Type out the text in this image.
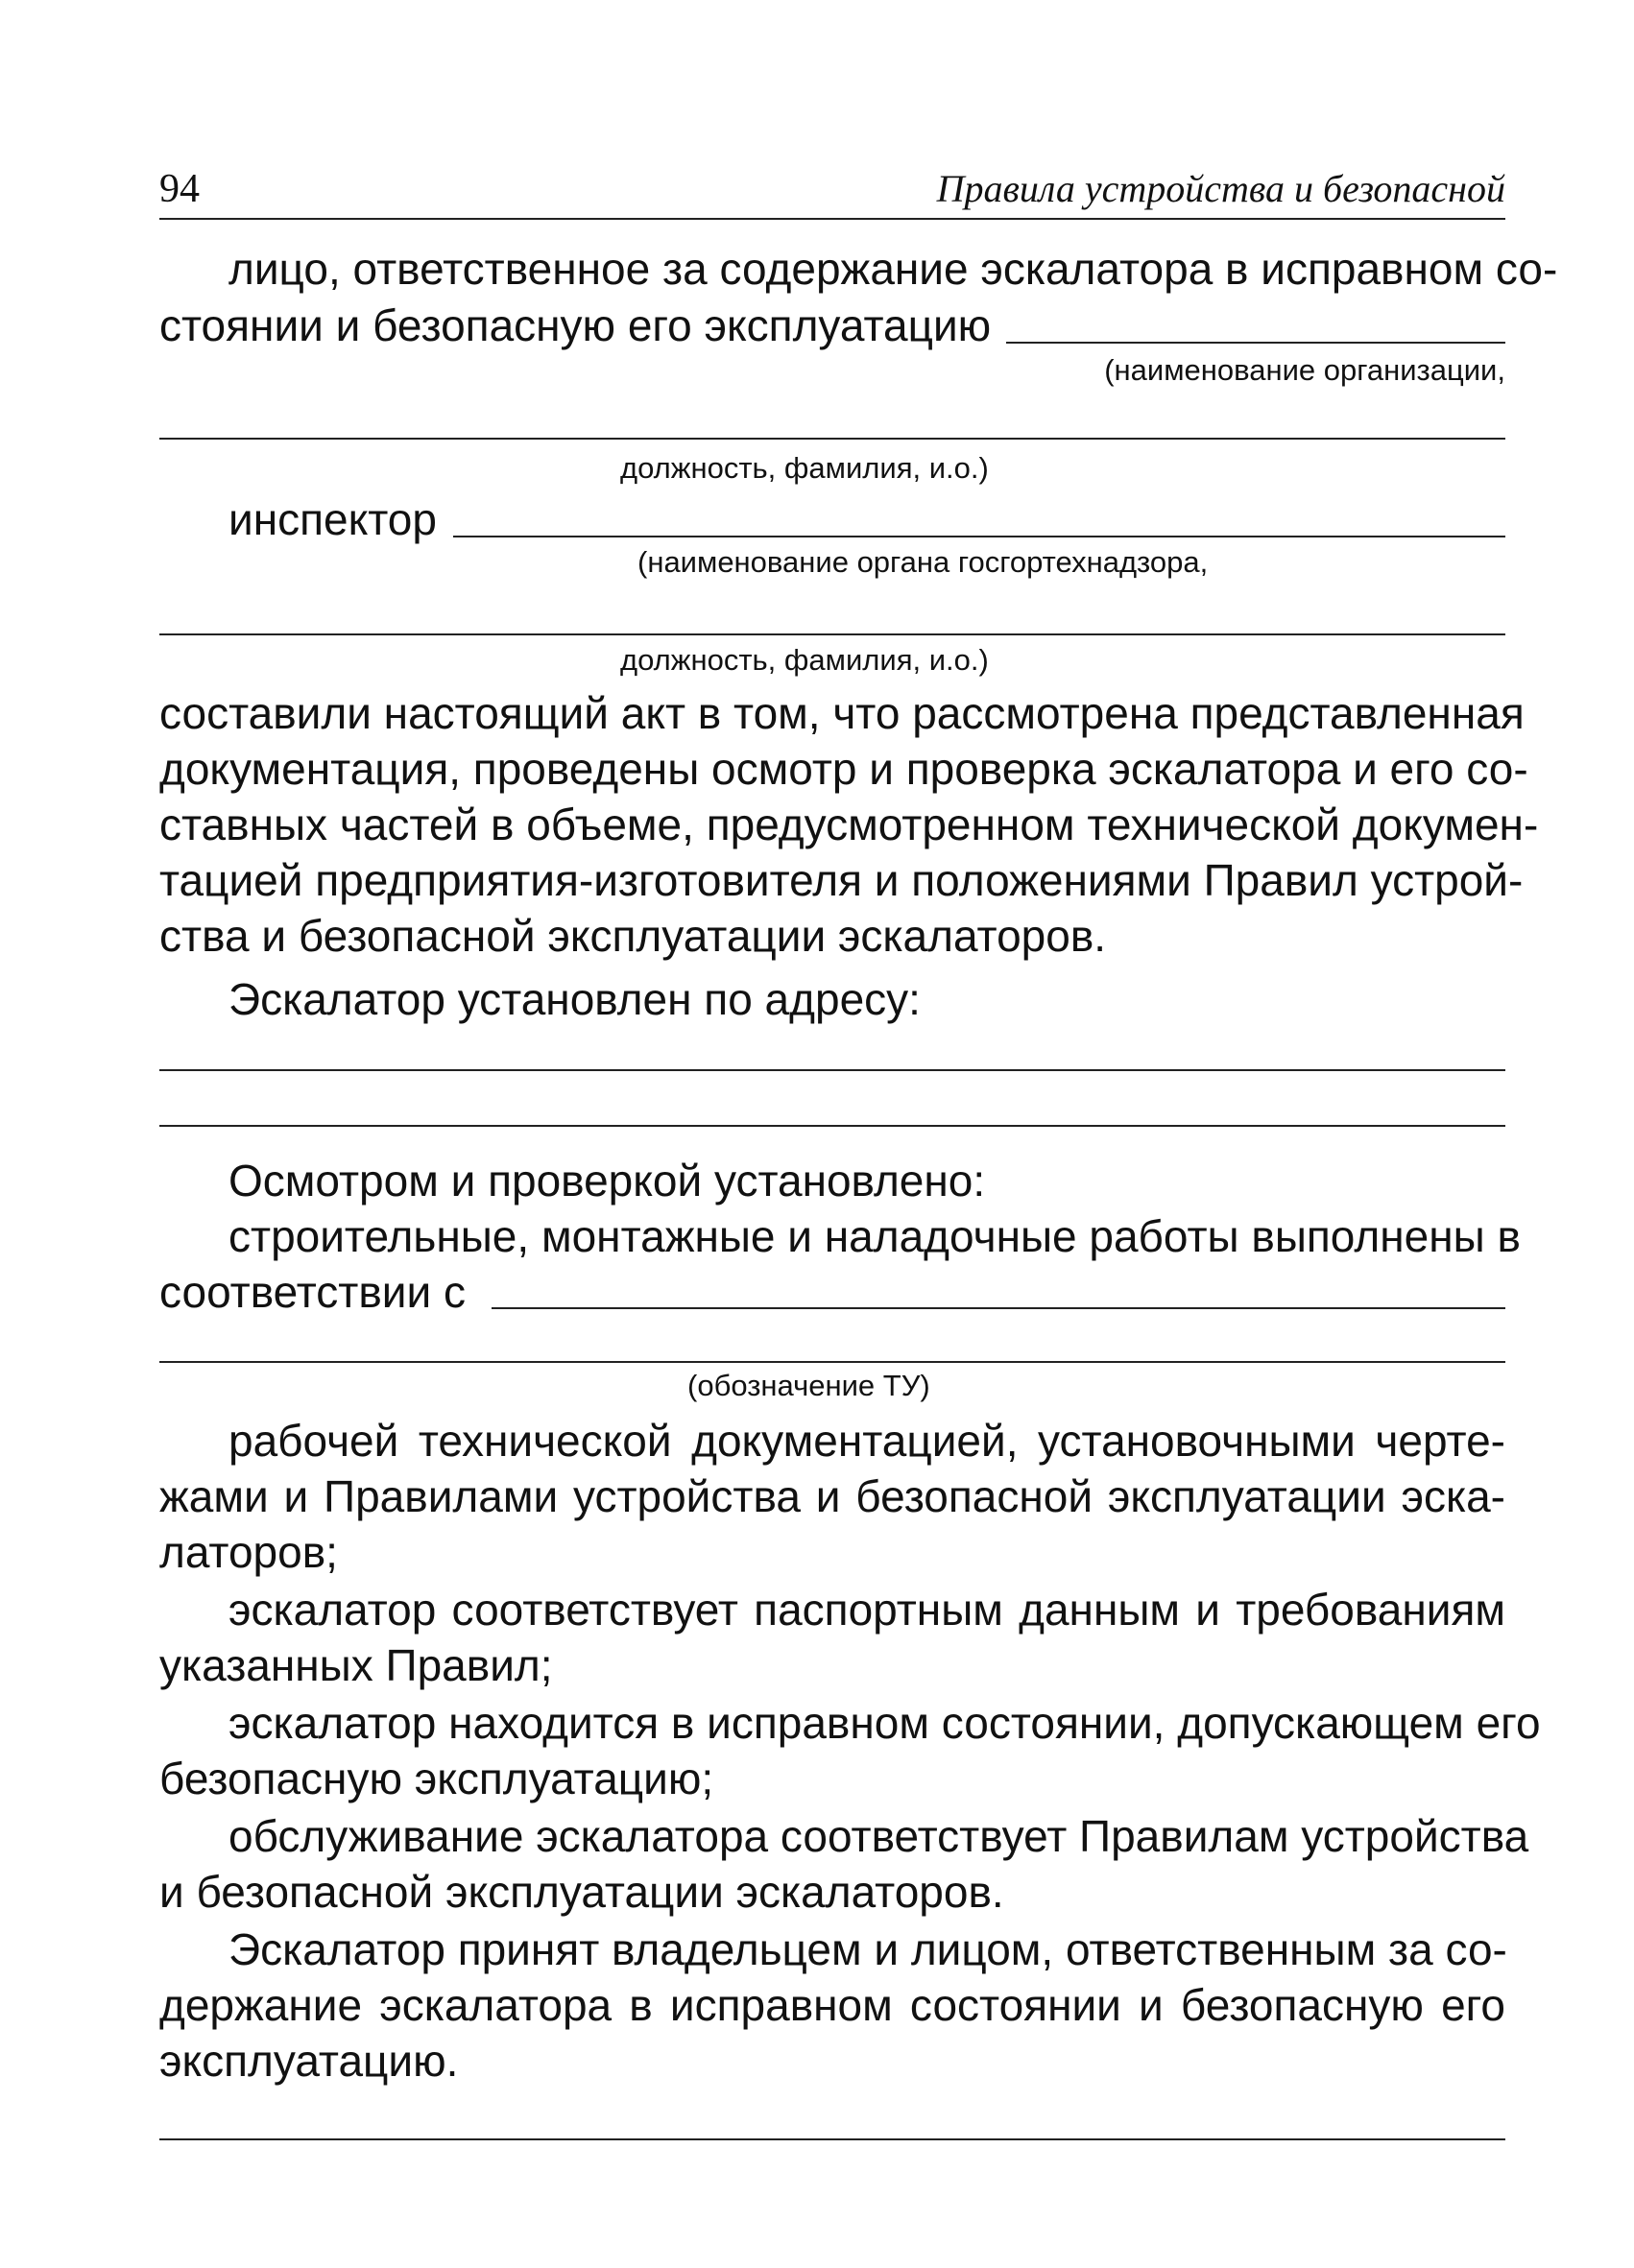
94	Правила устройства и безопасной
лицо, ответственное за содержание эскалатора в исправном со-
стоянии и безопасную его эксплуатацию
(наименование организации,
должность, фамилия, и.о.)
инспектор
(наименование органа госгортехнадзора,
должность, фамилия, и.о.)
составили настоящий акт в том, что рассмотрена представленная
документация, проведены осмотр и проверка эскалатора и его со-
ставных частей в объеме, предусмотренном технической докумен-
тацией предприятия-изготовителя и положениями Правил устрой-
ства и безопасной эксплуатации эскалаторов.
Эскалатор установлен по адресу:
Осмотром и проверкой установлено:
строительные, монтажные и наладочные работы выполнены в
соответствии с
(обозначение ТУ)
рабочей технической документацией, установочными черте-
жами и Правилами устройства и безопасной эксплуатации эска-
латоров;
эскалатор соответствует паспортным данным и требованиям
указанных Правил;
эскалатор находится в исправном состоянии, допускающем его
безопасную эксплуатацию;
обслуживание эскалатора соответствует Правилам устройства
и безопасной эксплуатации эскалаторов.
Эскалатор принят владельцем и лицом, ответственным за со-
держание эскалатора в исправном состоянии и безопасную его
эксплуатацию.
